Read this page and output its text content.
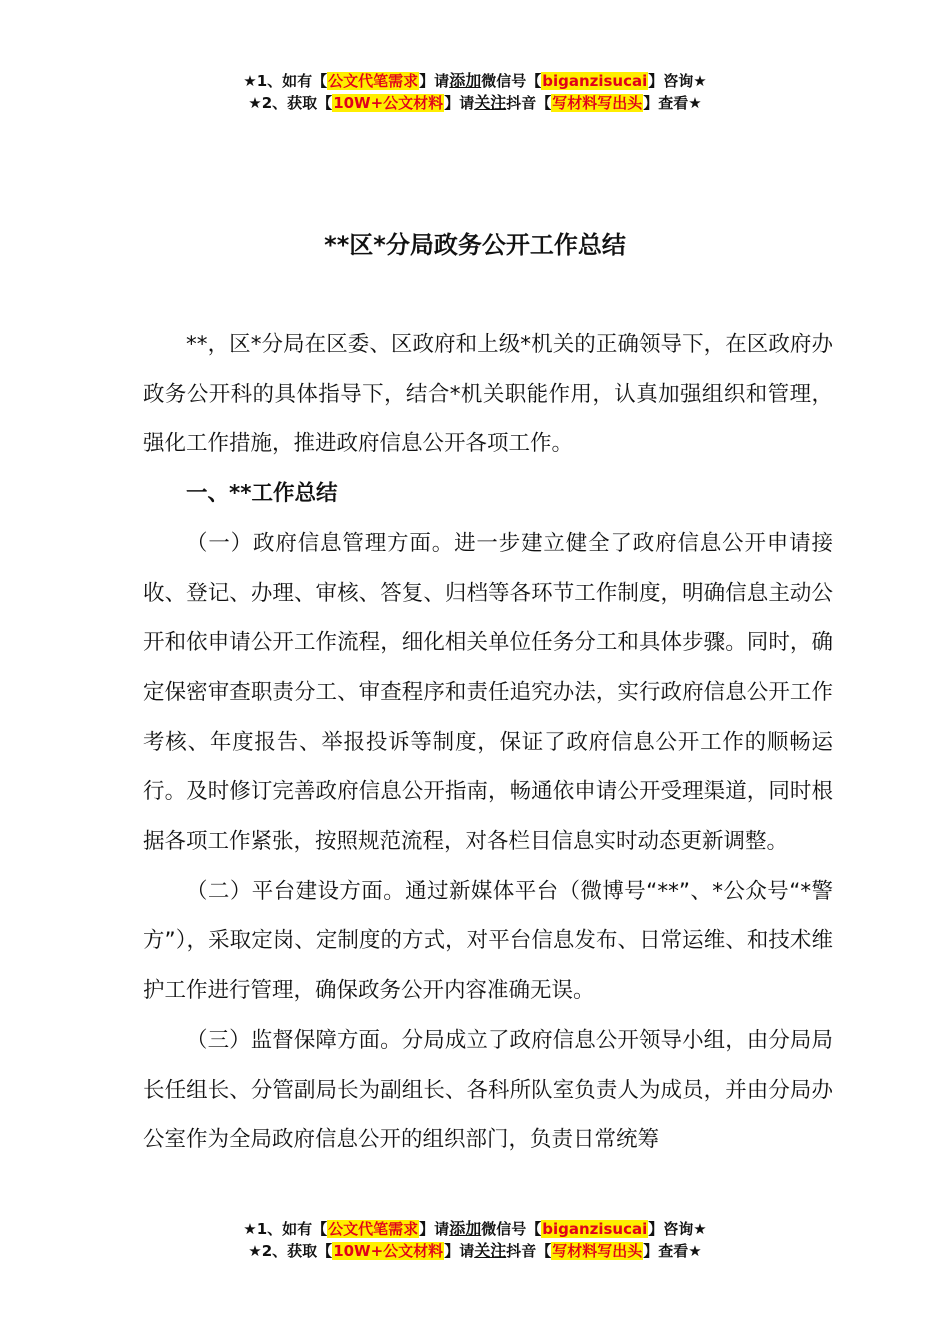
★1、如有【公文代笔需求】请添加微信号【biganzisucai】咨询★
★2、获取【10W+公文材料】请关注抖音【写材料写出头】查看★
**区*分局政务公开工作总结

**，区*分局在区委、区政府和上级*机关的正确领导下，在区政府办政务公开科的具体指导下，结合*机关职能作用，认真加强组织和管理，强化工作措施，推进政府信息公开各项工作。

一、**工作总结

（一）政府信息管理方面。进一步建立健全了政府信息公开申请接收、登记、办理、审核、答复、归档等各环节工作制度，明确信息主动公开和依申请公开工作流程，细化相关单位任务分工和具体步骤。同时，确定保密审查职责分工、审查程序和责任追究办法，实行政府信息公开工作考核、年度报告、举报投诉等制度，保证了政府信息公开工作的顺畅运行。及时修订完善政府信息公开指南，畅通依申请公开受理渠道，同时根据各项工作紧张，按照规范流程，对各栏目信息实时动态更新调整。

（二）平台建设方面。通过新媒体平台（微博号“**”、*公众号“*警方”），采取定岗、定制度的方式，对平台信息发布、日常运维、和技术维护工作进行管理，确保政务公开内容准确无误。

（三）监督保障方面。分局成立了政府信息公开领导小组，由分局局长任组长、分管副局长为副组长、各科所队室负责人为成员，并由分局办公室作为全局政府信息公开的组织部门，负责日常统筹

★1、如有【公文代笔需求】请添加微信号【biganzisucai】咨询★
★2、获取【10W+公文材料】请关注抖音【写材料写出头】查看★
